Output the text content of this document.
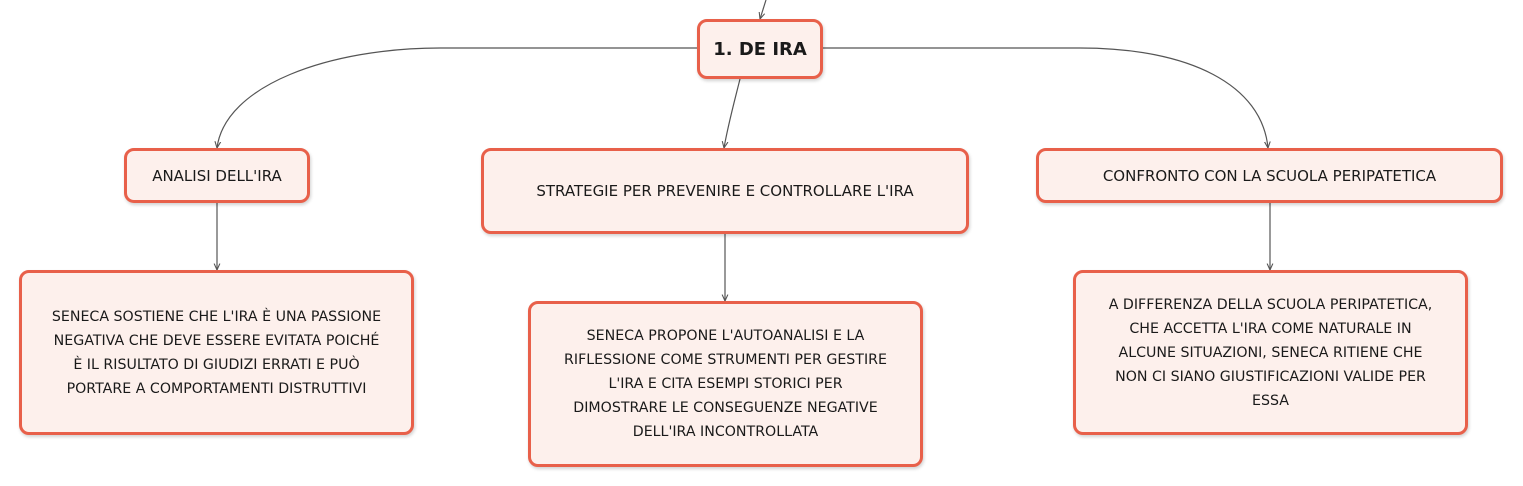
1. DE IRA
ANALISI DELL'IRA
STRATEGIE PER PREVENIRE E CONTROLLARE L'IRA
CONFRONTO CON LA SCUOLA PERIPATETICA
SENECA SOSTIENE CHE L'IRA È UNA PASSIONE
NEGATIVA CHE DEVE ESSERE EVITATA POICHÉ
È IL RISULTATO DI GIUDIZI ERRATI E PUÒ
PORTARE A COMPORTAMENTI DISTRUTTIVI
SENECA PROPONE L'AUTOANALISI E LA
RIFLESSIONE COME STRUMENTI PER GESTIRE
L'IRA E CITA ESEMPI STORICI PER
DIMOSTRARE LE CONSEGUENZE NEGATIVE
DELL'IRA INCONTROLLATA
A DIFFERENZA DELLA SCUOLA PERIPATETICA,
CHE ACCETTA L'IRA COME NATURALE IN
ALCUNE SITUAZIONI, SENECA RITIENE CHE
NON CI SIANO GIUSTIFICAZIONI VALIDE PER
ESSA
